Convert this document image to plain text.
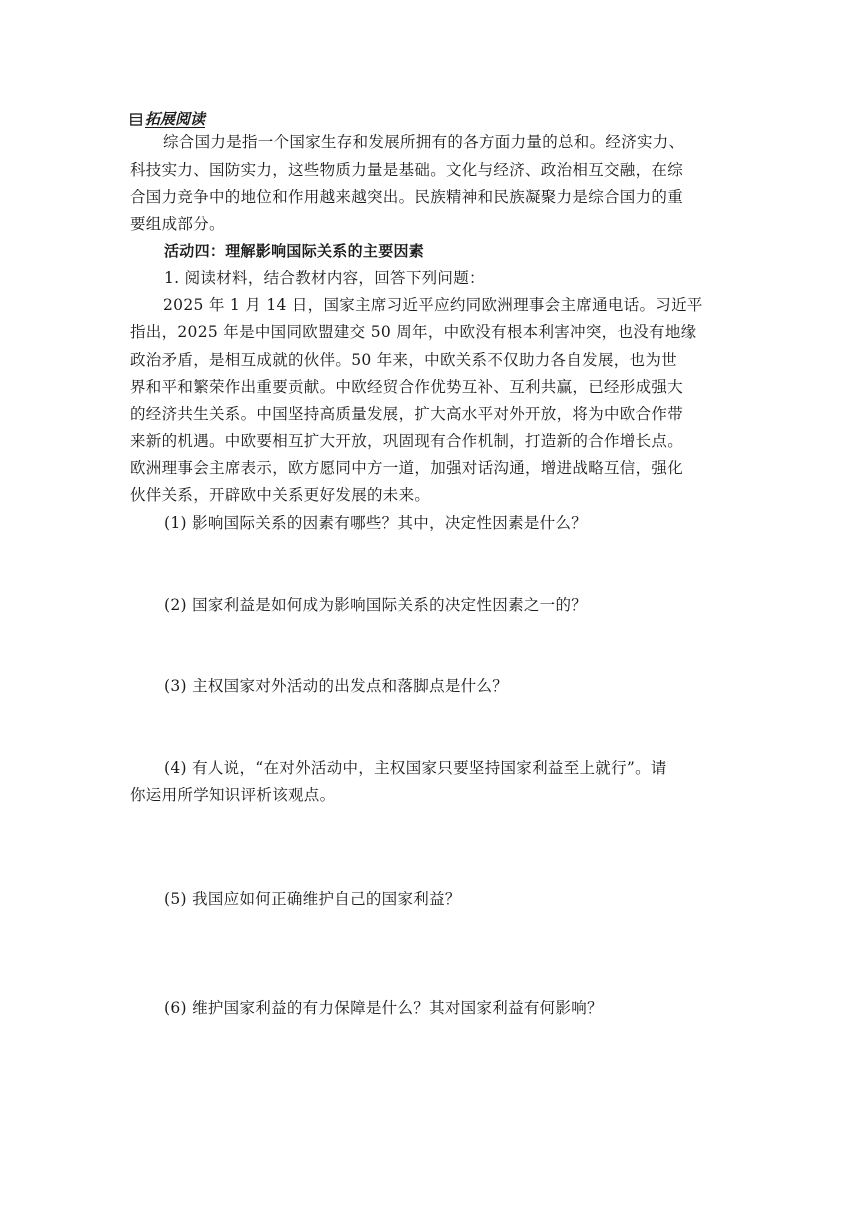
拓展阅读
综合国力是指一个国家生存和发展所拥有的各方面力量的总和。经济实力、
科技实力、国防实力，这些物质力量是基础。文化与经济、政治相互交融，在综
合国力竞争中的地位和作用越来越突出。民族精神和民族凝聚力是综合国力的重
要组成部分。
活动四：理解影响国际关系的主要因素
1. 阅读材料，结合教材内容，回答下列问题：
2025 年 1 月 14 日，国家主席习近平应约同欧洲理事会主席通电话。习近平
指出，2025 年是中国同欧盟建交 50 周年，中欧没有根本利害冲突，也没有地缘
政治矛盾，是相互成就的伙伴。50 年来，中欧关系不仅助力各自发展，也为世
界和平和繁荣作出重要贡献。中欧经贸合作优势互补、互利共赢，已经形成强大
的经济共生关系。中国坚持高质量发展，扩大高水平对外开放，将为中欧合作带
来新的机遇。中欧要相互扩大开放，巩固现有合作机制，打造新的合作增长点。
欧洲理事会主席表示，欧方愿同中方一道，加强对话沟通，增进战略互信，强化
伙伴关系，开辟欧中关系更好发展的未来。
(1) 影响国际关系的因素有哪些？其中，决定性因素是什么？
(2) 国家利益是如何成为影响国际关系的决定性因素之一的？
(3) 主权国家对外活动的出发点和落脚点是什么？
(4) 有人说，“在对外活动中，主权国家只要坚持国家利益至上就行”。请
你运用所学知识评析该观点。
(5) 我国应如何正确维护自己的国家利益？
(6) 维护国家利益的有力保障是什么？其对国家利益有何影响？
